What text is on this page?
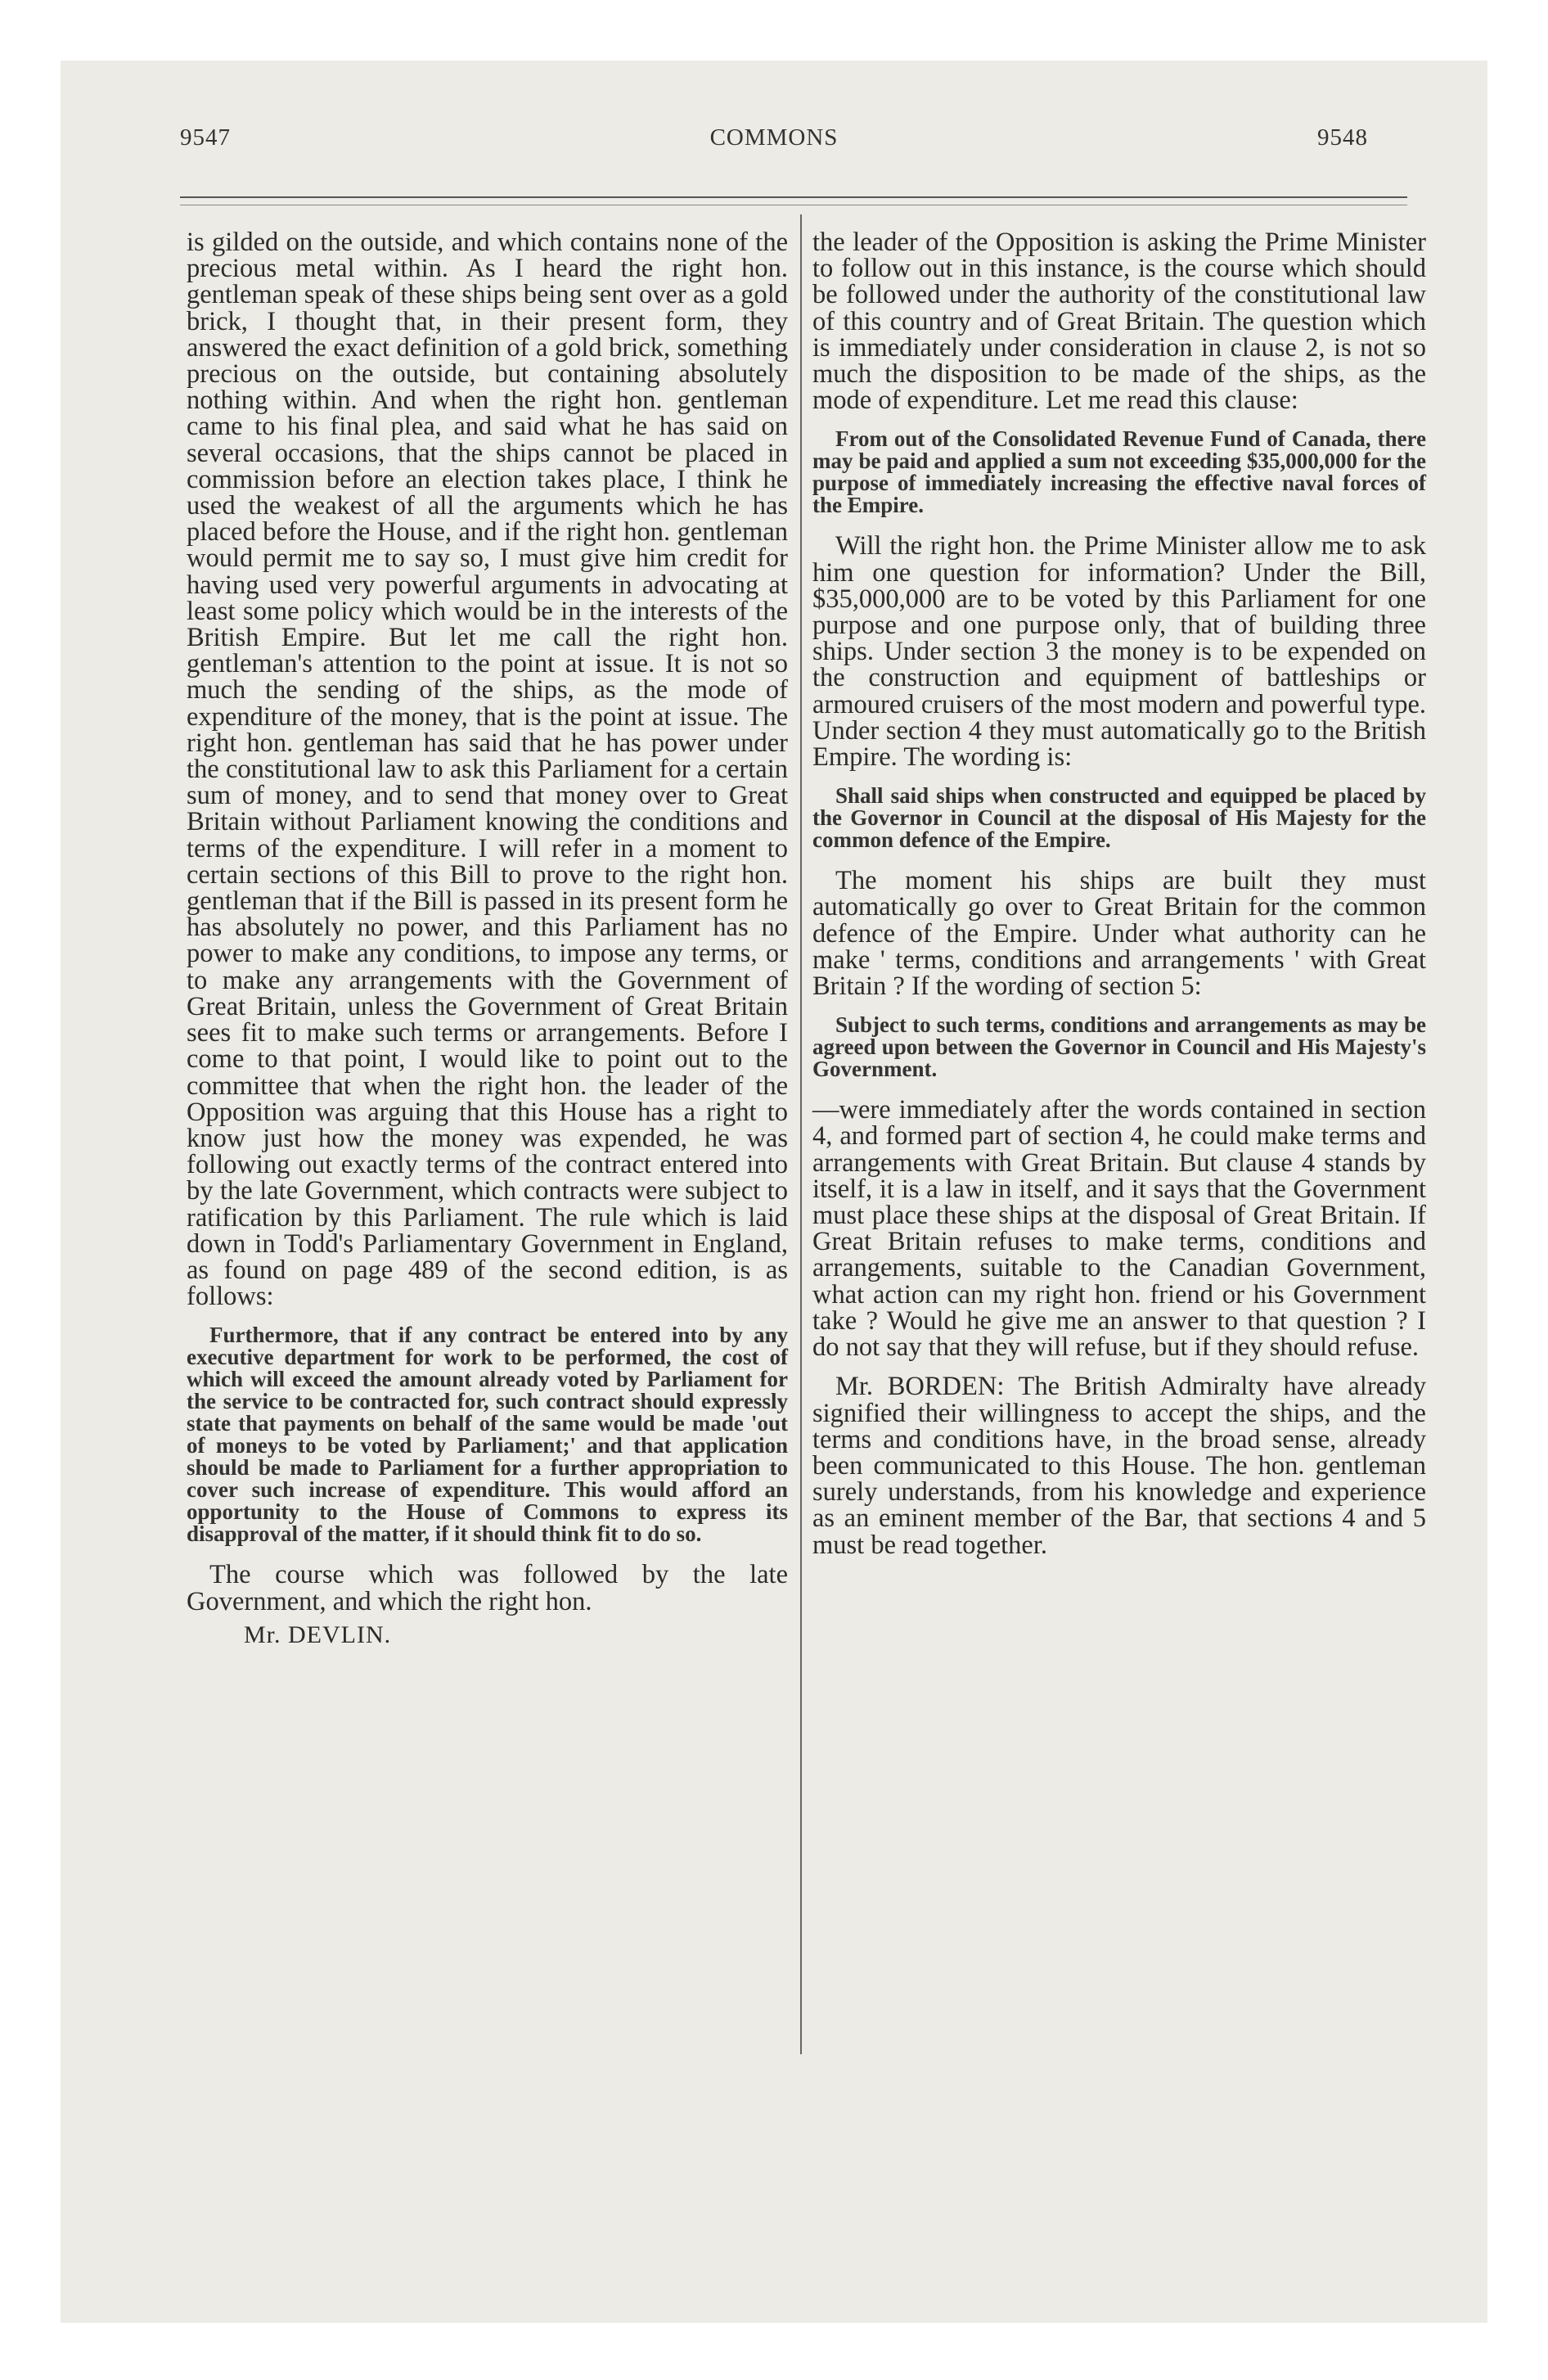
9547	COMMONS	9548

is gilded on the outside, and which contains none of the precious metal within. As I heard the right hon. gentleman speak of these ships being sent over as a gold brick, I thought that, in their present form, they answered the exact definition of a gold brick, something precious on the outside, but containing absolutely nothing within. And when the right hon. gentleman came to his final plea, and said what he has said on several occasions, that the ships cannot be placed in commission before an election takes place, I think he used the weakest of all the arguments which he has placed before the House, and if the right hon. gentleman would permit me to say so, I must give him credit for having used very powerful arguments in advocating at least some policy which would be in the interests of the British Empire. But let me call the right hon. gentleman's attention to the point at issue. It is not so much the sending of the ships, as the mode of expenditure of the money, that is the point at issue. The right hon. gentleman has said that he has power under the constitutional law to ask this Parliament for a certain sum of money, and to send that money over to Great Britain without Parliament knowing the conditions and terms of the expenditure. I will refer in a moment to certain sections of this Bill to prove to the right hon. gentleman that if the Bill is passed in its present form he has absolutely no power, and this Parliament has no power to make any conditions, to impose any terms, or to make any arrangements with the Government of Great Britain, unless the Government of Great Britain sees fit to make such terms or arrangements. Before I come to that point, I would like to point out to the committee that when the right hon. the leader of the Opposition was arguing that this House has a right to know just how the money was expended, he was following out exactly terms of the contract entered into by the late Government, which contracts were subject to ratification by this Parliament. The rule which is laid down in Todd's Parliamentary Government in England, as found on page 489 of the second edition, is as follows:

Furthermore, that if any contract be entered into by any executive department for work to be performed, the cost of which will exceed the amount already voted by Parliament for the service to be contracted for, such contract should expressly state that payments on behalf of the same would be made 'out of moneys to be voted by Parliament;' and that application should be made to Parliament for a further appropriation to cover such increase of expenditure. This would afford an opportunity to the House of Commons to express its disapproval of the matter, if it should think fit to do so.

The course which was followed by the late Government, and which the right hon.

Mr. DEVLIN.

the leader of the Opposition is asking the Prime Minister to follow out in this instance, is the course which should be followed under the authority of the constitutional law of this country and of Great Britain. The question which is immediately under consideration in clause 2, is not so much the disposition to be made of the ships, as the mode of expenditure. Let me read this clause:

From out of the Consolidated Revenue Fund of Canada, there may be paid and applied a sum not exceeding $35,000,000 for the purpose of immediately increasing the effective naval forces of the Empire.

Will the right hon. the Prime Minister allow me to ask him one question for information? Under the Bill, $35,000,000 are to be voted by this Parliament for one purpose and one purpose only, that of building three ships. Under section 3 the money is to be expended on the construction and equipment of battleships or armoured cruisers of the most modern and powerful type. Under section 4 they must automatically go to the British Empire. The wording is:

Shall said ships when constructed and equipped be placed by the Governor in Council at the disposal of His Majesty for the common defence of the Empire.

The moment his ships are built they must automatically go over to Great Britain for the common defence of the Empire. Under what authority can he make ' terms, conditions and arrangements ' with Great Britain ? If the wording of section 5:

Subject to such terms, conditions and arrangements as may be agreed upon between the Governor in Council and His Majesty's Government.

—were immediately after the words contained in section 4, and formed part of section 4, he could make terms and arrangements with Great Britain. But clause 4 stands by itself, it is a law in itself, and it says that the Government must place these ships at the disposal of Great Britain. If Great Britain refuses to make terms, conditions and arrangements, suitable to the Canadian Government, what action can my right hon. friend or his Government take ? Would he give me an answer to that question ? I do not say that they will refuse, but if they should refuse.

Mr. BORDEN: The British Admiralty have already signified their willingness to accept the ships, and the terms and conditions have, in the broad sense, already been communicated to this House. The hon. gentleman surely understands, from his knowledge and experience as an eminent member of the Bar, that sections 4 and 5 must be read together.
